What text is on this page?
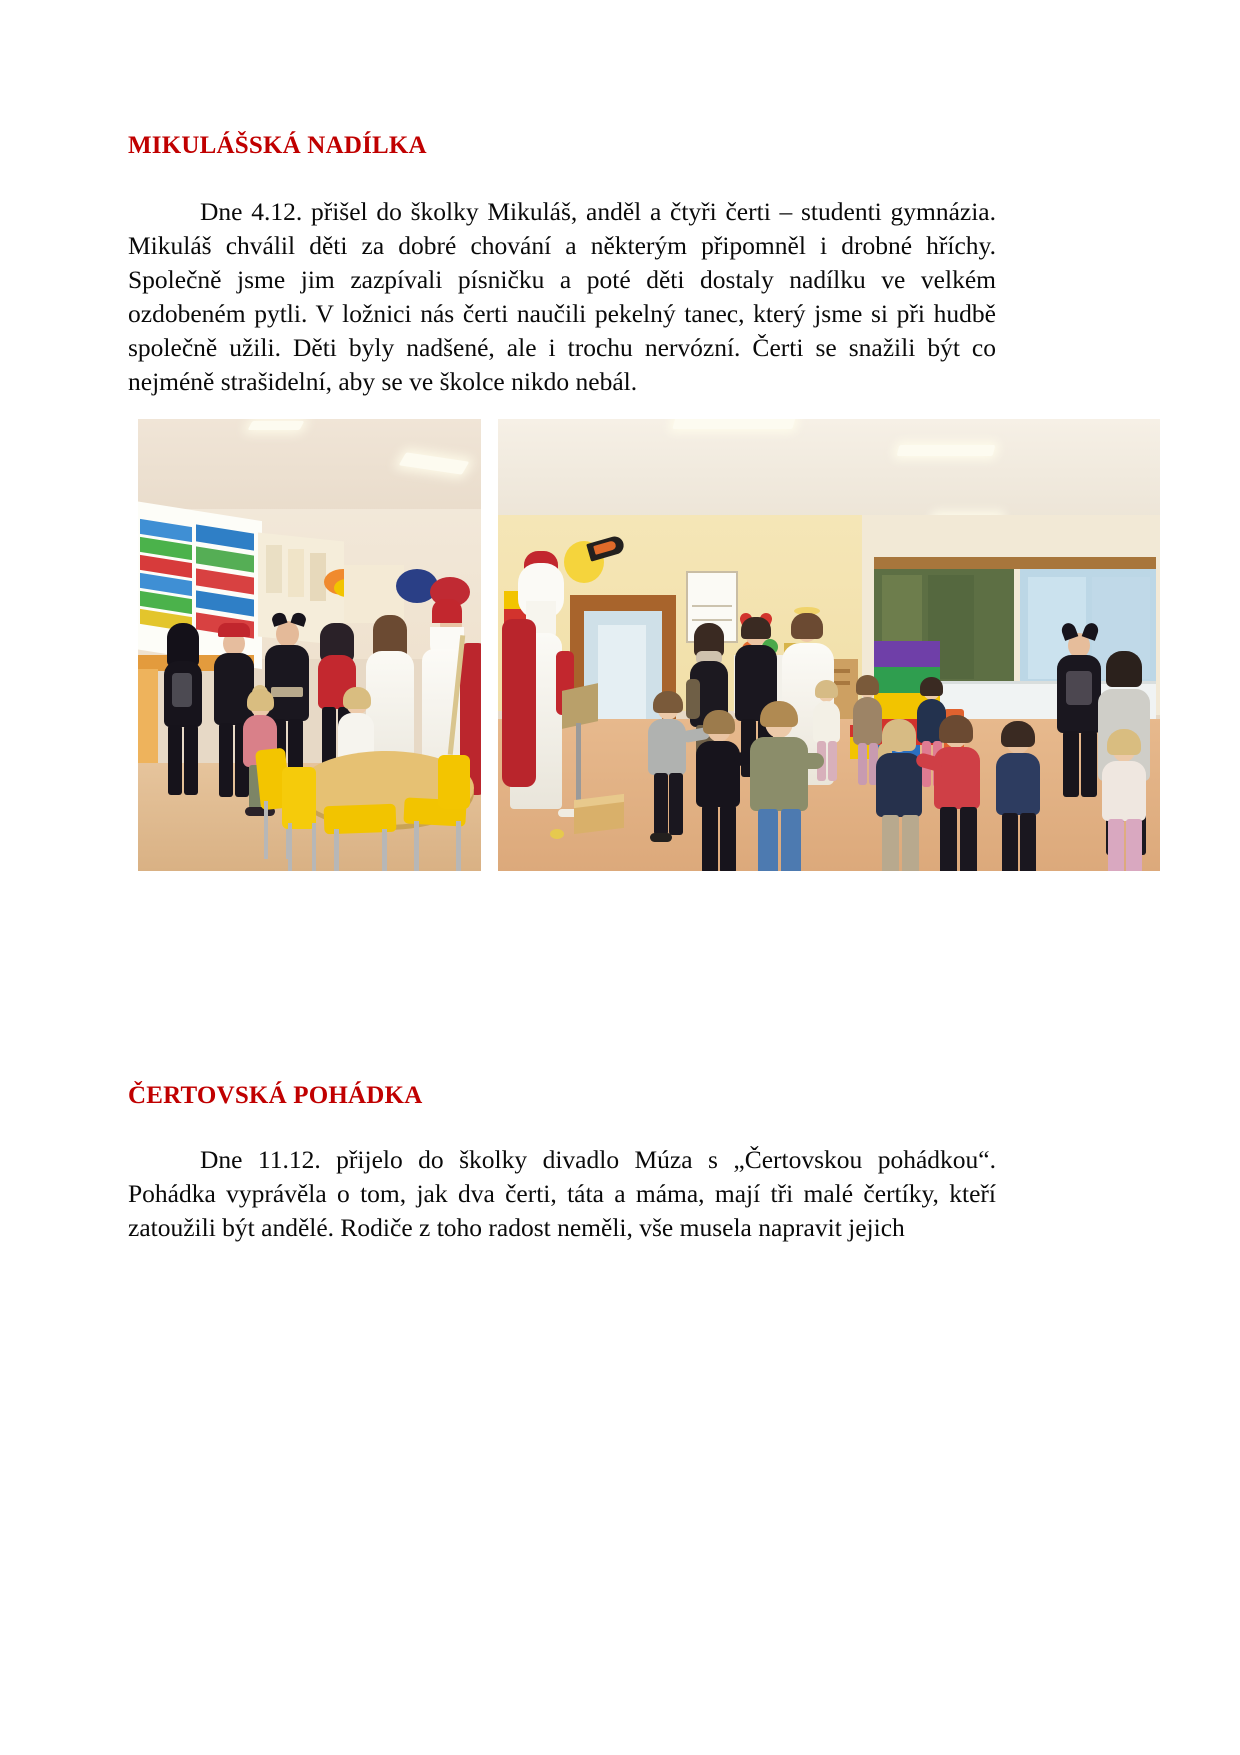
MIKULÁŠSKÁ NADÍLKA

Dne 4.12. přišel do školky Mikuláš, anděl a čtyři čerti – studenti gymnázia. Mikuláš chválil děti za dobré chování a některým připomněl i drobné hříchy. Společně jsme jim zazpívali písničku a poté děti dostaly nadílku ve velkém ozdobeném pytli. V ložnici nás čerti naučili pekelný tanec, který jsme si při hudbě společně užili. Děti byly nadšené, ale i trochu nervózní. Čerti se snažili být co nejméně strašidelní, aby se ve školce nikdo nebál.

ČERTOVSKÁ POHÁDKA

Dne 11.12. přijelo do školky divadlo Múza s „Čertovskou pohádkou“. Pohádka vyprávěla o tom, jak dva čerti, táta a máma, mají tři malé čertíky, kteří zatoužili být andělé. Rodiče z toho radost neměli, vše musela napravit jejich
